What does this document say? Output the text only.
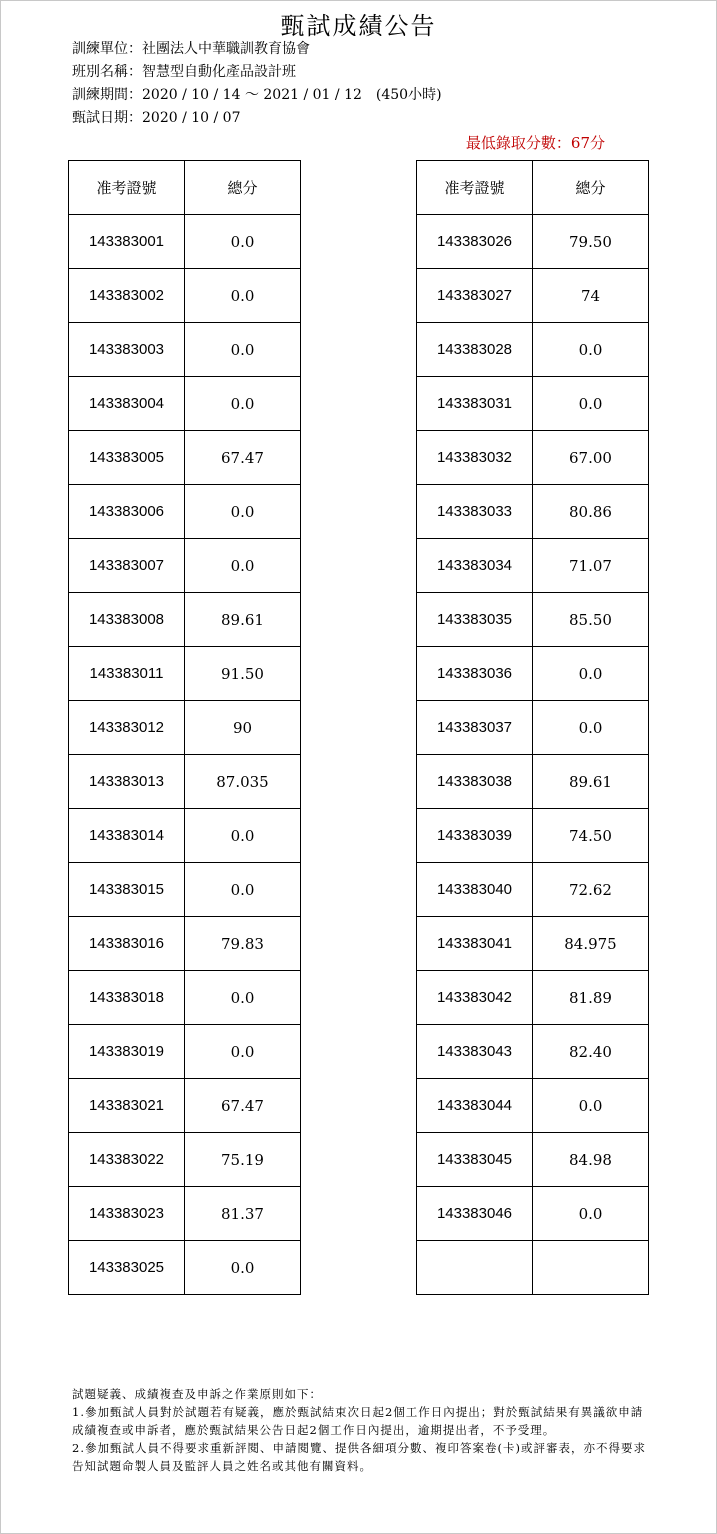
甄試成績公告
訓練單位：社團法人中華職訓教育協會
班別名稱：智慧型自動化產品設計班
訓練期間：2020 / 10 / 14 ～ 2021 / 01 / 12　(450小時)
甄試日期：2020 / 10 / 07
最低錄取分數：67分
准考證號	總分
143383001	0.0
143383002	0.0
143383003	0.0
143383004	0.0
143383005	67.47
143383006	0.0
143383007	0.0
143383008	89.61
143383011	91.50
143383012	90
143383013	87.035
143383014	0.0
143383015	0.0
143383016	79.83
143383018	0.0
143383019	0.0
143383021	67.47
143383022	75.19
143383023	81.37
143383025	0.0
准考證號	總分
143383026	79.50
143383027	74
143383028	0.0
143383031	0.0
143383032	67.00
143383033	80.86
143383034	71.07
143383035	85.50
143383036	0.0
143383037	0.0
143383038	89.61
143383039	74.50
143383040	72.62
143383041	84.975
143383042	81.89
143383043	82.40
143383044	0.0
143383045	84.98
143383046	0.0

試題疑義、成績複查及申訴之作業原則如下：

1.參加甄試人員對於試題若有疑義，應於甄試結束次日起2個工作日內提出；對於甄試結果有異議欲申請成績複查或申訴者，應於甄試結果公告日起2個工作日內提出，逾期提出者，不予受理。

2.參加甄試人員不得要求重新評閱、申請閱覽、提供各細項分數、複印答案卷(卡)或評審表，亦不得要求告知試題命製人員及監評人員之姓名或其他有關資料。
